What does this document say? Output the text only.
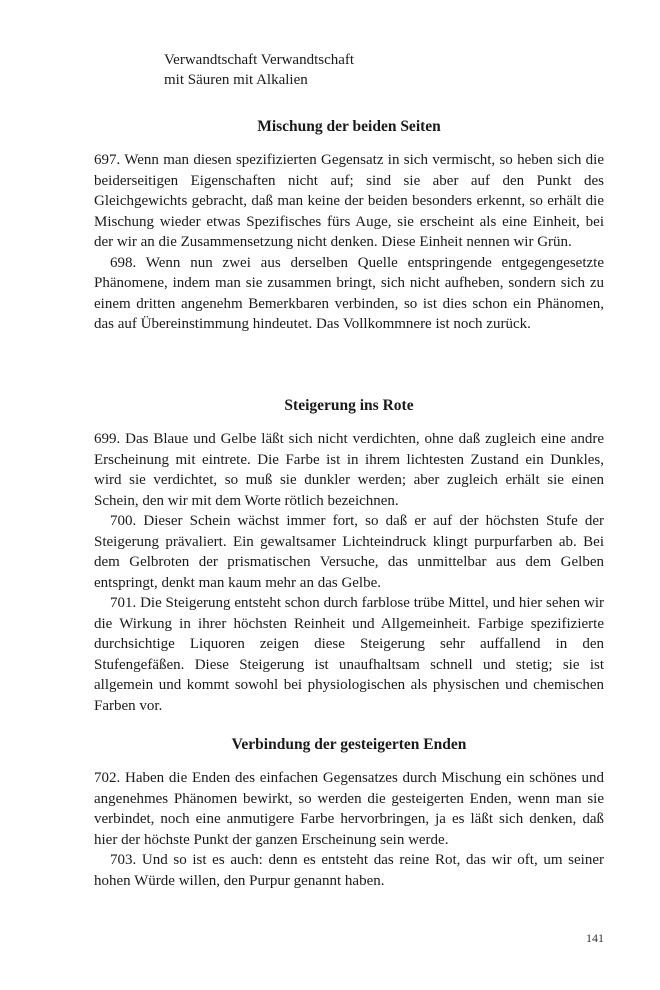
Verwandtschaft Verwandtschaft
mit Säuren mit Alkalien
Mischung der beiden Seiten

697. Wenn man diesen spezifizierten Gegensatz in sich vermischt, so heben sich die beiderseitigen Eigenschaften nicht auf; sind sie aber auf den Punkt des Gleichgewichts gebracht, daß man keine der beiden besonders erkennt, so erhält die Mischung wieder etwas Spezifisches fürs Auge, sie erscheint als eine Einheit, bei der wir an die Zusammensetzung nicht denken. Diese Einheit nennen wir Grün.

698. Wenn nun zwei aus derselben Quelle entspringende entgegengesetzte Phänomene, indem man sie zusammen bringt, sich nicht aufheben, sondern sich zu einem dritten angenehm Bemerkbaren verbinden, so ist dies schon ein Phänomen, das auf Übereinstimmung hindeutet. Das Vollkommnere ist noch zurück.

Steigerung ins Rote

699. Das Blaue und Gelbe läßt sich nicht verdichten, ohne daß zugleich eine andre Erscheinung mit eintrete. Die Farbe ist in ihrem lichtesten Zustand ein Dunkles, wird sie verdichtet, so muß sie dunkler werden; aber zugleich erhält sie einen Schein, den wir mit dem Worte rötlich bezeichnen.

700. Dieser Schein wächst immer fort, so daß er auf der höchsten Stufe der Steigerung prävaliert. Ein gewaltsamer Lichteindruck klingt purpurfarben ab. Bei dem Gelbroten der prismatischen Versuche, das unmittelbar aus dem Gelben entspringt, denkt man kaum mehr an das Gelbe.

701. Die Steigerung entsteht schon durch farblose trübe Mittel, und hier sehen wir die Wirkung in ihrer höchsten Reinheit und Allgemeinheit. Farbige spezifizierte durchsichtige Liquoren zeigen diese Steigerung sehr auffallend in den Stufengefäßen. Diese Steigerung ist unaufhaltsam schnell und stetig; sie ist allgemein und kommt sowohl bei physiologischen als physischen und chemischen Farben vor.

Verbindung der gesteigerten Enden

702. Haben die Enden des einfachen Gegensatzes durch Mischung ein schönes und angenehmes Phänomen bewirkt, so werden die gesteigerten Enden, wenn man sie verbindet, noch eine anmutigere Farbe hervorbringen, ja es läßt sich denken, daß hier der höchste Punkt der ganzen Erscheinung sein werde.

703. Und so ist es auch: denn es entsteht das reine Rot, das wir oft, um seiner hohen Würde willen, den Purpur genannt haben.

141
